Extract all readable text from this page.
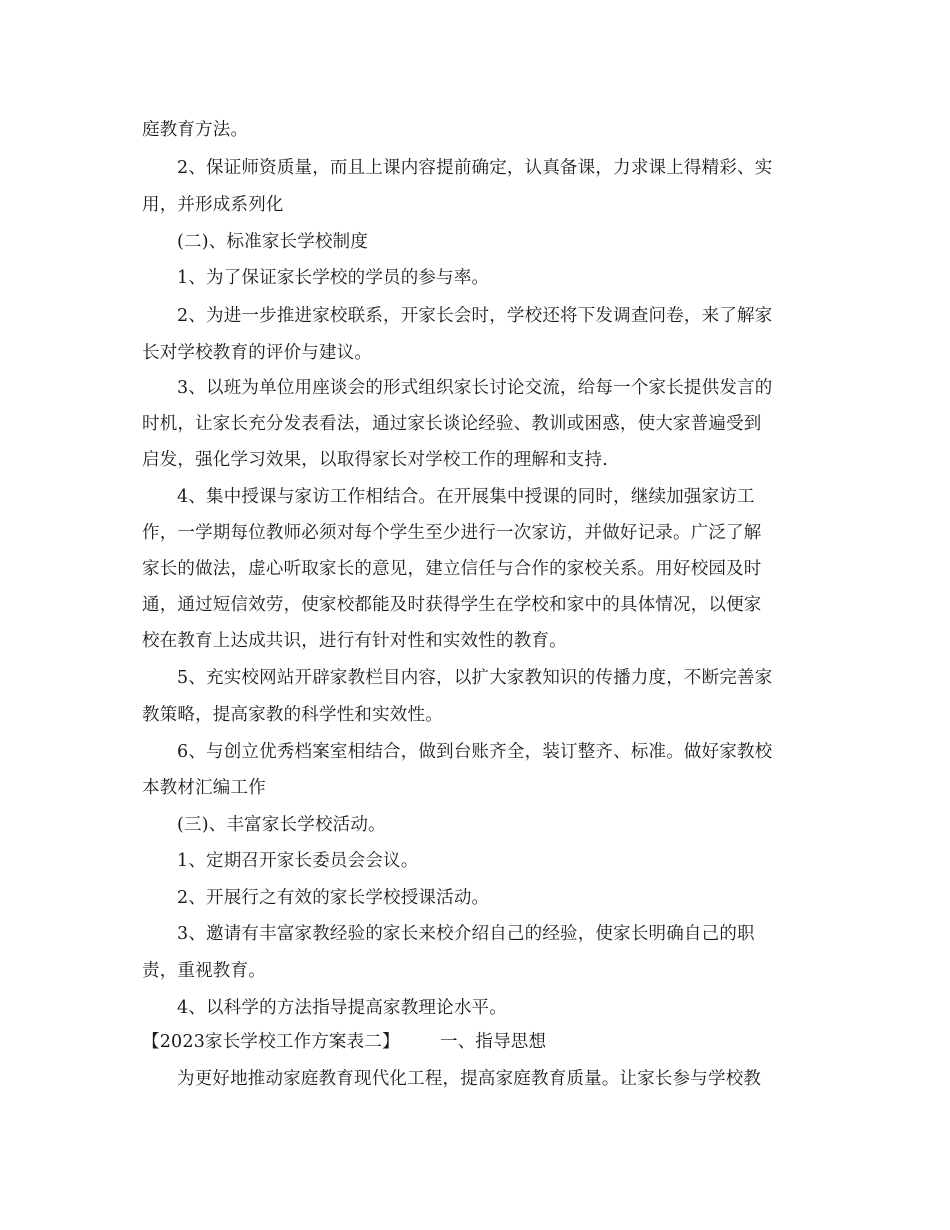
庭教育方法。
2、保证师资质量，而且上课内容提前确定，认真备课，力求课上得精彩、实
用，并形成系列化
(二)、标准家长学校制度
1、为了保证家长学校的学员的参与率。
2、为进一步推进家校联系，开家长会时，学校还将下发调查问卷，来了解家
长对学校教育的评价与建议。
3、以班为单位用座谈会的形式组织家长讨论交流，给每一个家长提供发言的
时机，让家长充分发表看法，通过家长谈论经验、教训或困惑，使大家普遍受到
启发，强化学习效果，以取得家长对学校工作的理解和支持.
4、集中授课与家访工作相结合。在开展集中授课的同时，继续加强家访工
作，一学期每位教师必须对每个学生至少进行一次家访，并做好记录。广泛了解
家长的做法，虚心听取家长的意见，建立信任与合作的家校关系。用好校园及时
通，通过短信效劳，使家校都能及时获得学生在学校和家中的具体情况，以便家
校在教育上达成共识，进行有针对性和实效性的教育。
5、充实校网站开辟家教栏目内容，以扩大家教知识的传播力度，不断完善家
教策略，提高家教的科学性和实效性。
6、与创立优秀档案室相结合，做到台账齐全，装订整齐、标准。做好家教校
本教材汇编工作
(三)、丰富家长学校活动。
1、定期召开家长委员会会议。
2、开展行之有效的家长学校授课活动。
3、邀请有丰富家教经验的家长来校介绍自己的经验，使家长明确自己的职
责，重视教育。
4、以科学的方法指导提高家教理论水平。
【2023家长学校工作方案表二】 一、指导思想
为更好地推动家庭教育现代化工程，提高家庭教育质量。让家长参与学校教
